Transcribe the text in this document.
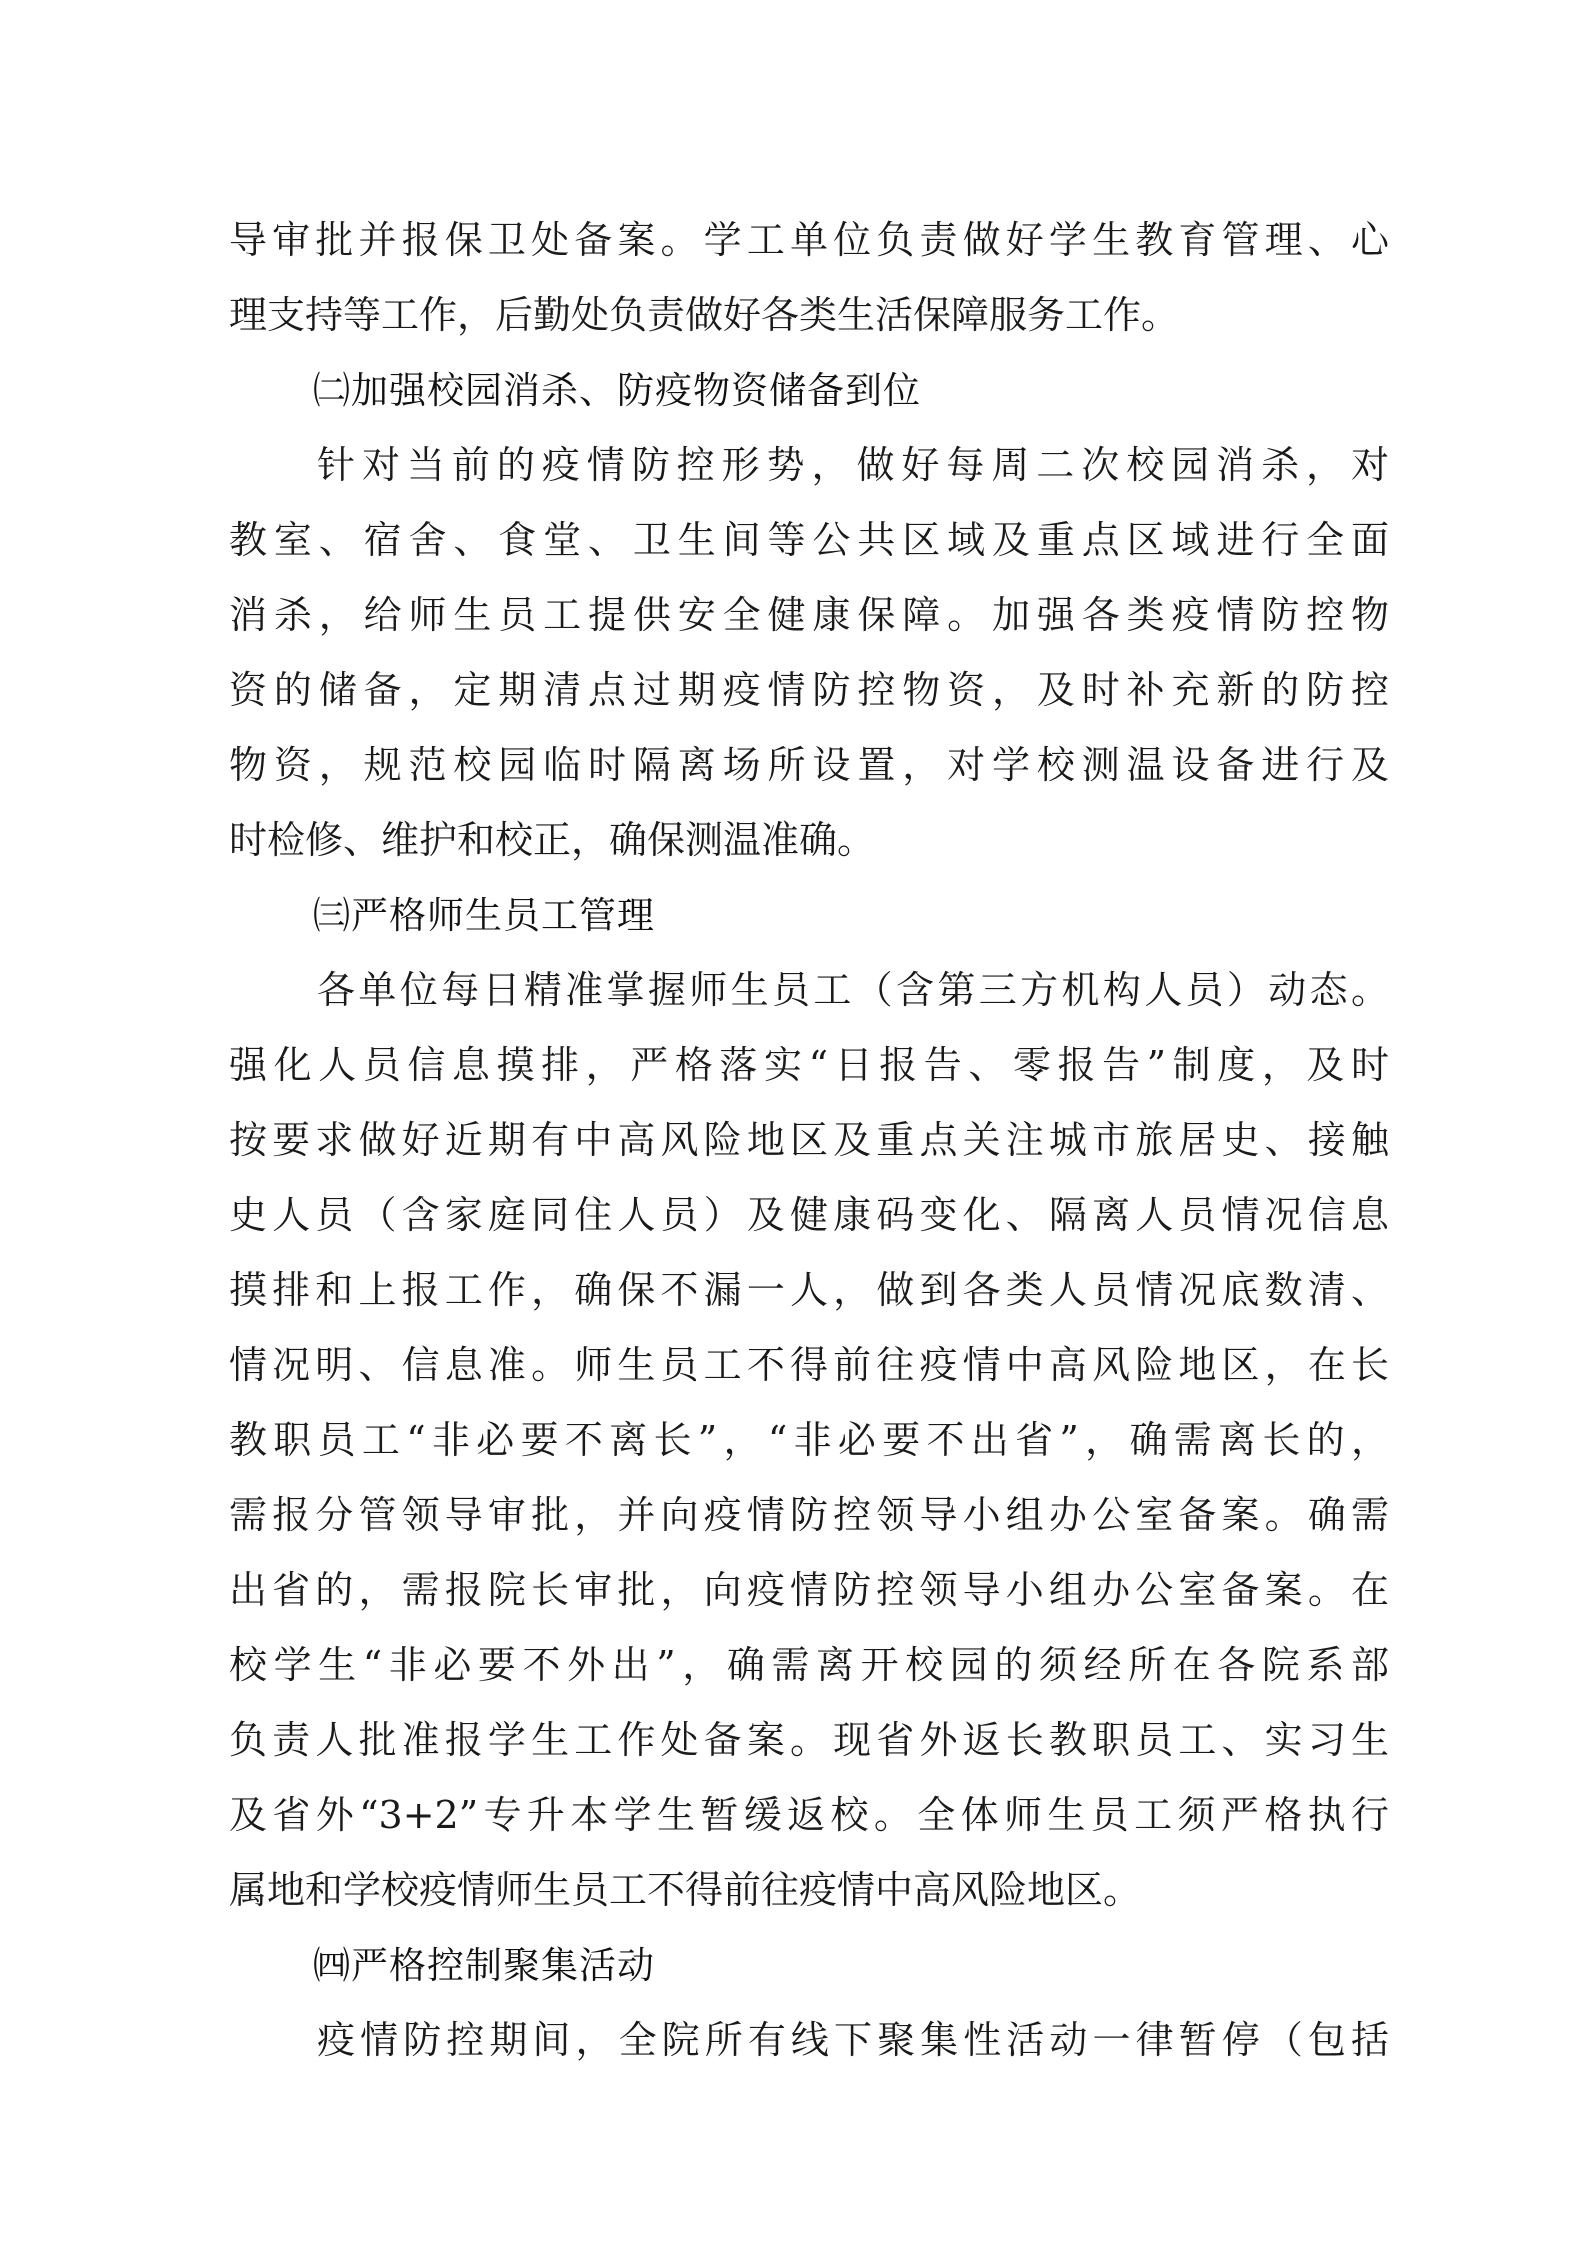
导审批并报保卫处备案。学工单位负责做好学生教育管理、心
理支持等工作，后勤处负责做好各类生活保障服务工作。
㈡加强校园消杀、防疫物资储备到位
针对当前的疫情防控形势，做好每周二次校园消杀，对
教室、宿舍、食堂、卫生间等公共区域及重点区域进行全面
消杀，给师生员工提供安全健康保障。加强各类疫情防控物
资的储备，定期清点过期疫情防控物资，及时补充新的防控
物资，规范校园临时隔离场所设置，对学校测温设备进行及
时检修、维护和校正，确保测温准确。
㈢严格师生员工管理
各单位每日精准掌握师生员工（含第三方机构人员）动态。
强化人员信息摸排，严格落实“日报告、零报告”制度，及时
按要求做好近期有中高风险地区及重点关注城市旅居史、接触
史人员（含家庭同住人员）及健康码变化、隔离人员情况信息
摸排和上报工作，确保不漏一人，做到各类人员情况底数清、
情况明、信息准。师生员工不得前往疫情中高风险地区，在长
教职员工“非必要不离长”，“非必要不出省”，确需离长的，
需报分管领导审批，并向疫情防控领导小组办公室备案。确需
出省的，需报院长审批，向疫情防控领导小组办公室备案。在
校学生“非必要不外出”，确需离开校园的须经所在各院系部
负责人批准报学生工作处备案。现省外返长教职员工、实习生
及省外“3+2”专升本学生暂缓返校。全体师生员工须严格执行
属地和学校疫情师生员工不得前往疫情中高风险地区。
㈣严格控制聚集活动
疫情防控期间，全院所有线下聚集性活动一律暂停（包括
